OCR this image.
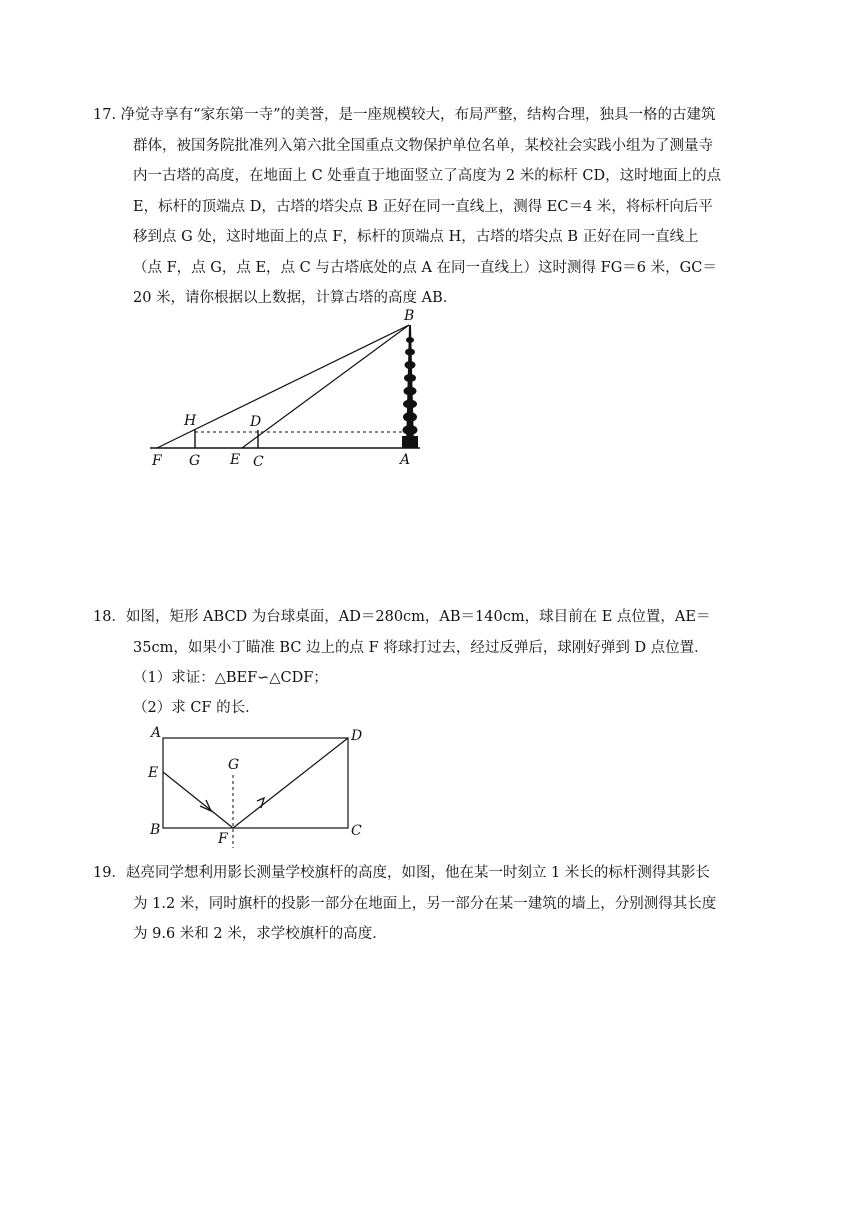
17. 净觉寺享有“家东第一寺”的美誉，是一座规模较大，布局严整，结构合理，独具一格的古建筑群体，被国务院批准列入第六批全国重点文物保护单位名单，某校社会实践小组为了测量寺内一古塔的高度，在地面上 C 处垂直于地面竖立了高度为 2 米的标杆 CD，这时地面上的点 E，标杆的顶端点 D，古塔的塔尖点 B 正好在同一直线上，测得 EC＝4 米，将标杆向后平移到点 G 处，这时地面上的点 F，标杆的顶端点 H，古塔的塔尖点 B 正好在同一直线上（点 F，点 G，点 E，点 C 与古塔底处的点 A 在同一直线上）这时测得 FG＝6 米，GC＝20 米，请你根据以上数据，计算古塔的高度 AB．

B
H	D
F G E C	A
A	D
E	G
B
F	C

18．如图，矩形 ABCD 为台球桌面，AD＝280cm，AB＝140cm，球目前在 E 点位置，AE＝35cm，如果小丁瞄准 BC 边上的点 F 将球打过去，经过反弹后，球刚好弹到 D 点位置．

（1）求证：△BEF∽△CDF；

（2）求 CF 的长．

19．赵亮同学想利用影长测量学校旗杆的高度，如图，他在某一时刻立 1 米长的标杆测得其影长为 1.2 米，同时旗杆的投影一部分在地面上，另一部分在某一建筑的墙上，分别测得其长度为 9.6 米和 2 米，求学校旗杆的高度．
